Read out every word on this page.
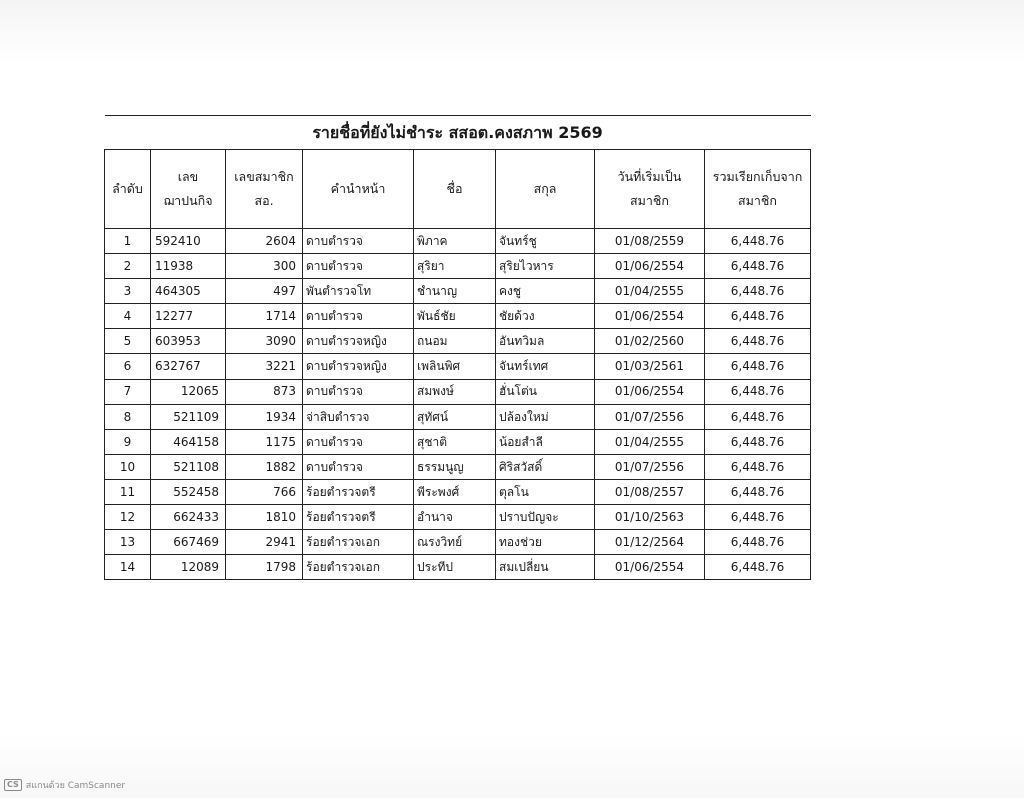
รายชื่อที่ยังไม่ชำระ สสอต.คงสภาพ 2569							
ลำดับ	เลขฌาปนกิจ	เลขสมาชิก สอ.	คำนำหน้า	ชื่อ	สกุล	วันที่เริ่มเป็นสมาชิก	รวมเรียกเก็บจากสมาชิก
1	592410	2604	ดาบตำรวจ	พิภาค	จันทร์ชู	01/08/2559	6,448.76
2	11938	300	ดาบตำรวจ	สุริยา	สุริยไวหาร	01/06/2554	6,448.76
3	464305	497	พันตำรวจโท	ชำนาญ	คงชู	01/04/2555	6,448.76
4	12277	1714	ดาบตำรวจ	พันธ์ชัย	ชัยด้วง	01/06/2554	6,448.76
5	603953	3090	ดาบตำรวจหญิง	ถนอม	อันทวิมล	01/02/2560	6,448.76
6	632767	3221	ดาบตำรวจหญิง	เพลินพิศ	จันทร์เทศ	01/03/2561	6,448.76
7	12065	873	ดาบตำรวจ	สมพงษ์	ฮั่นโต่น	01/06/2554	6,448.76
8	521109	1934	จ่าสิบตำรวจ	สุทัศน์	ปล้องใหม่	01/07/2556	6,448.76
9	464158	1175	ดาบตำรวจ	สุชาติ	น้อยสำลี	01/04/2555	6,448.76
10	521108	1882	ดาบตำรวจ	ธรรมนูญ	ศิริสวัสดิ์	01/07/2556	6,448.76
11	552458	766	ร้อยตำรวจตรี	พีระพงศ์	ตุลโน	01/08/2557	6,448.76
12	662433	1810	ร้อยตำรวจตรี	อำนาจ	ปราบปัญจะ	01/10/2563	6,448.76
13	667469	2941	ร้อยตำรวจเอก	ณรงวิทย์	ทองช่วย	01/12/2564	6,448.76
14	12089	1798	ร้อยตำรวจเอก	ประทีป	สมเปลี่ยน	01/06/2554	6,448.76
CS สแกนด้วย CamScanner
